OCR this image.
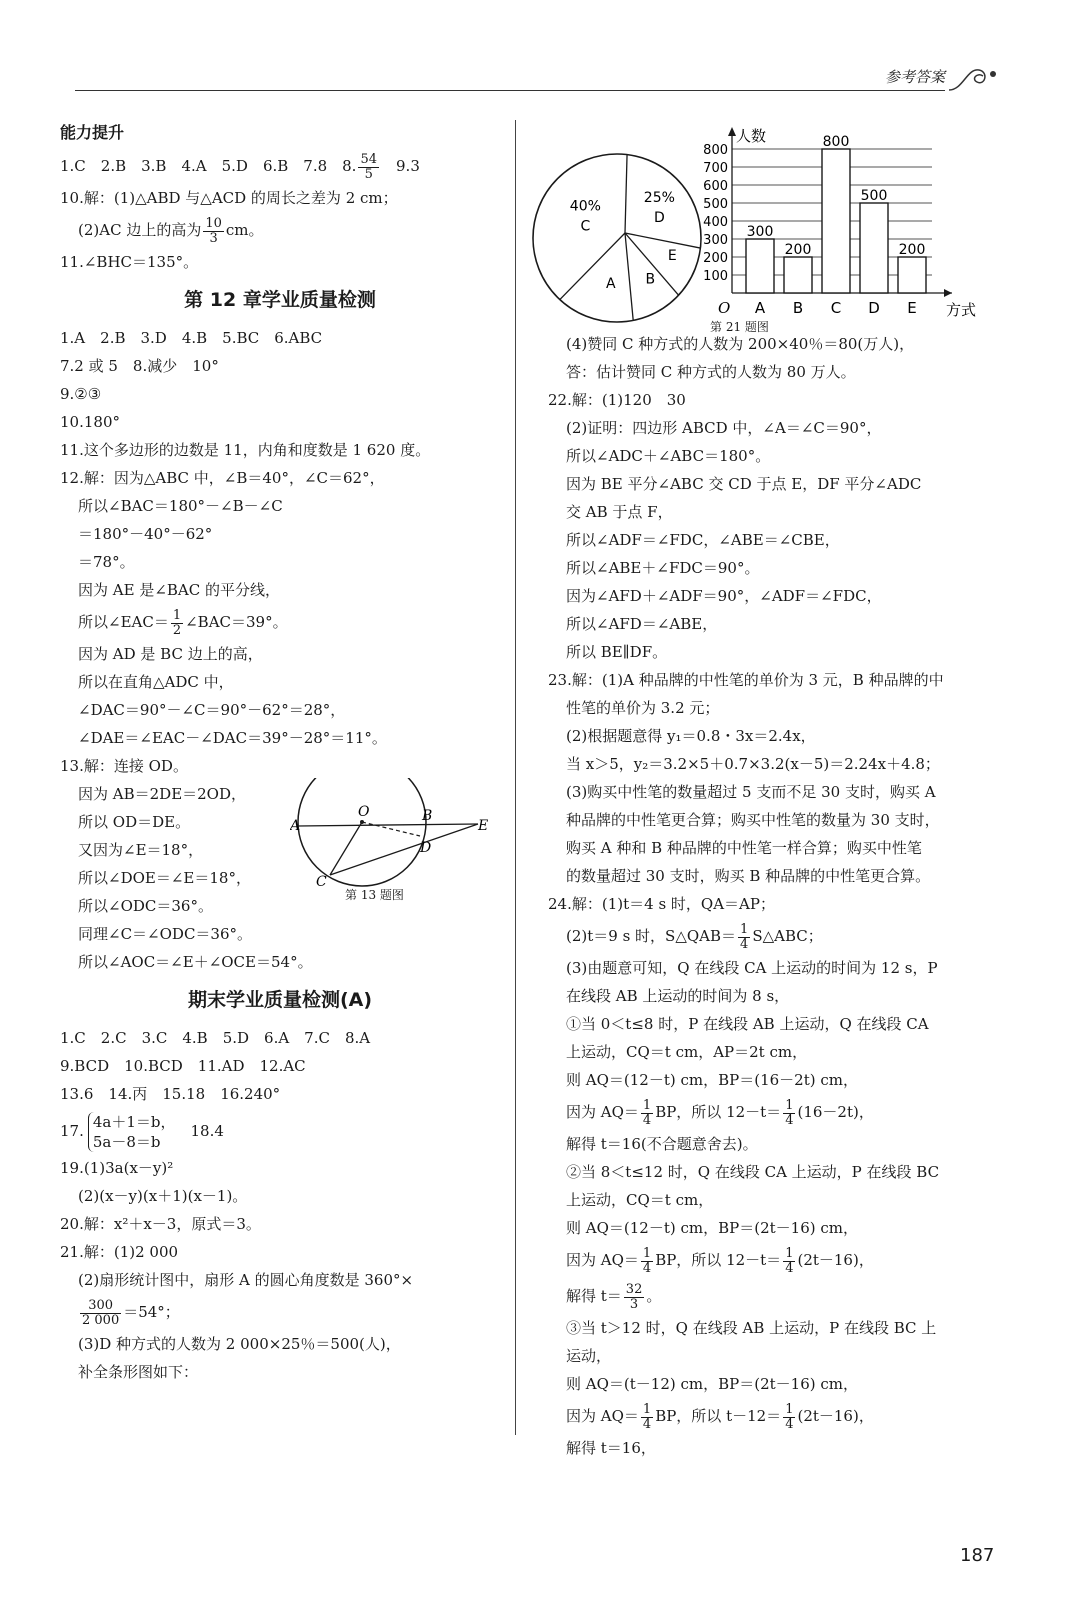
参考答案
能力提升
1.C　2.B　3.B　4.A　5.D　6.B　7.8　8. $\frac{54}{5}$
　 9.3
10.解：(1)△ABD 与△ACD 的周长之差为 2 cm；
(2)AC 边上的高为 $\frac{10}{3}$ cm。
11.∠BHC＝135°。
第 12 章学业质量检测
1.A　2.B　3.D　4.B　5.BC　6.ABC
7.2 或 5　8.减少　10°
9.②③
10.180°
11.这个多边形的边数是 11，内角和度数是 1 620 度。
12.解：因为△ABC 中，∠B＝40°，∠C＝62°，
所以∠BAC＝180°－∠B－∠C
＝180°－40°－62°
＝78°。
因为 AE 是∠BAC 的平分线，
所以∠EAC＝ $\frac{1}{2}$ ∠BAC＝39°。
因为 AD 是 BC 边上的高，
所以在直角△ADC 中，
∠DAC＝90°－∠C＝90°－62°＝28°，
∠DAE＝∠EAC－∠DAC＝39°－28°＝11°。
13.解：连接 OD。
因为 AB＝2DE＝2OD，
所以 OD＝DE。
又因为∠E＝18°，
所以∠DOE＝∠E＝18°，
所以∠ODC＝36°。
同理∠C＝∠ODC＝36°。
所以∠AOC＝∠E＋∠OCE＝54°。
期末学业质量检测(A)
1.C　2.C　3.C　4.B　5.D　6.A　7.C　8.A
9.BCD　10.BCD　11.AD　12.AC
13.6　14.丙　15.18　16.240°
17. 4a＋1＝b，
5a－8＝b
　18.4
19.(1)3a(x－y)²
(2)(x－y)(x＋1)(x－1)。
20.解：x²＋x－3，原式＝3。
21.解：(1)2 000
(2)扇形统计图中，扇形 A 的圆心角度数是 360°×
$\frac{300}{2 000} =54^\circ$；
(3)D 种方式的人数为 2 000×25％＝500(人)，
补全条形图如下：
O
A
B
E
D
C
第 13 题图
25%
D
E
B
A
40%
C
100
200
300
400
500
600
700
800
人数
方式
O
300
A
200
B
800
C
500
D
200
E
第 21 题图
(4)赞同 C 种方式的人数为 200×40％＝80(万人)，
答：估计赞同 C 种方式的人数为 80 万人。
22.解：(1)120　30
(2)证明：四边形 ABCD 中，∠A＝∠C＝90°，
所以∠ADC＋∠ABC＝180°。
因为 BE 平分∠ABC 交 CD 于点 E，DF 平分∠ADC
交 AB 于点 F，
所以∠ADF＝∠FDC，∠ABE＝∠CBE，
所以∠ABE＋∠FDC＝90°。
因为∠AFD＋∠ADF＝90°，∠ADF＝∠FDC，
所以∠AFD＝∠ABE，
所以 BE∥DF。
23.解：(1)A 种品牌的中性笔的单价为 3 元，B 种品牌的中
性笔的单价为 3.2 元；
(2)根据题意得 y₁＝0.8・3x＝2.4x，
当 x＞5，y₂＝3.2×5＋0.7×3.2(x－5)＝2.24x＋4.8；
(3)购买中性笔的数量超过 5 支而不足 30 支时，购买 A
种品牌的中性笔更合算；购买中性笔的数量为 30 支时，
购买 A 种和 B 种品牌的中性笔一样合算；购买中性笔
的数量超过 30 支时，购买 B 种品牌的中性笔更合算。
24.解：(1)t＝4 s 时，QA＝AP；
(2)t＝9 s 时，S△QAB＝ $\frac{1}{4}$ S△ABC；
(3)由题意可知，Q 在线段 CA 上运动的时间为 12 s，P
在线段 AB 上运动的时间为 8 s，
①当 0＜t≤8 时，P 在线段 AB 上运动，Q 在线段 CA
上运动，CQ＝t cm，AP＝2t cm，
则 AQ＝(12－t) cm，BP＝(16－2t) cm，
因为 $AQ= \frac{1}{4}$ BP，所以 $12-t= \frac{1}{4} (16-2t)$，
解得 t＝16(不合题意舍去)。
②当 8＜t≤12 时，Q 在线段 CA 上运动，P 在线段 BC
上运动，CQ＝t cm，
则 AQ＝(12－t) cm，BP＝(2t－16) cm，
因为 $AQ= \frac{1}{4}$ BP，所以 $12-t= \frac{1}{4} (2t-16)$，
解得 $t= \frac{32}{3}$ 。
③当 t＞12 时，Q 在线段 AB 上运动，P 在线段 BC 上
运动，
则 AQ＝(t－12) cm，BP＝(2t－16) cm，
因为 $AQ= \frac{1}{4}$ BP，所以 $t-12= \frac{1}{4} (2t-16)$，
解得 t＝16，
187
